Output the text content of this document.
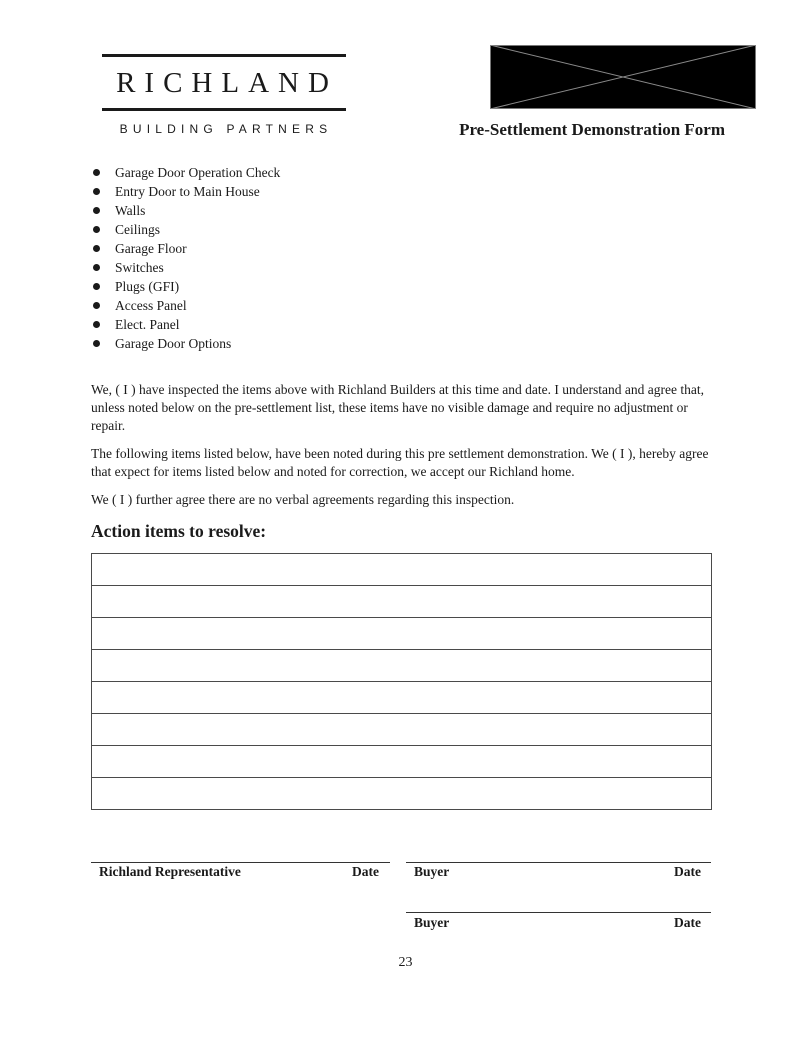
RICHLAND
BUILDING PARTNERS	Pre-Settlement Demonstration Form
Garage Door Operation Check
Entry Door to Main House
Walls
Ceilings
Garage Floor
Switches
Plugs (GFI)
Access Panel
Elect. Panel
Garage Door Options

We, ( I ) have inspected the items above with Richland Builders at this time and date. I understand and agree that, unless noted below on the pre-settlement list, these items have no visible damage and require no adjustment or repair.

The following items listed below, have been noted during this pre settlement demonstration. We ( I ), hereby agree that expect for items listed below and noted for correction, we accept our Richland home.

We ( I ) further agree there are no verbal agreements regarding this inspection.

Action items to resolve:

Richland Representative	Date	Buyer	Date
Buyer	Date
23
